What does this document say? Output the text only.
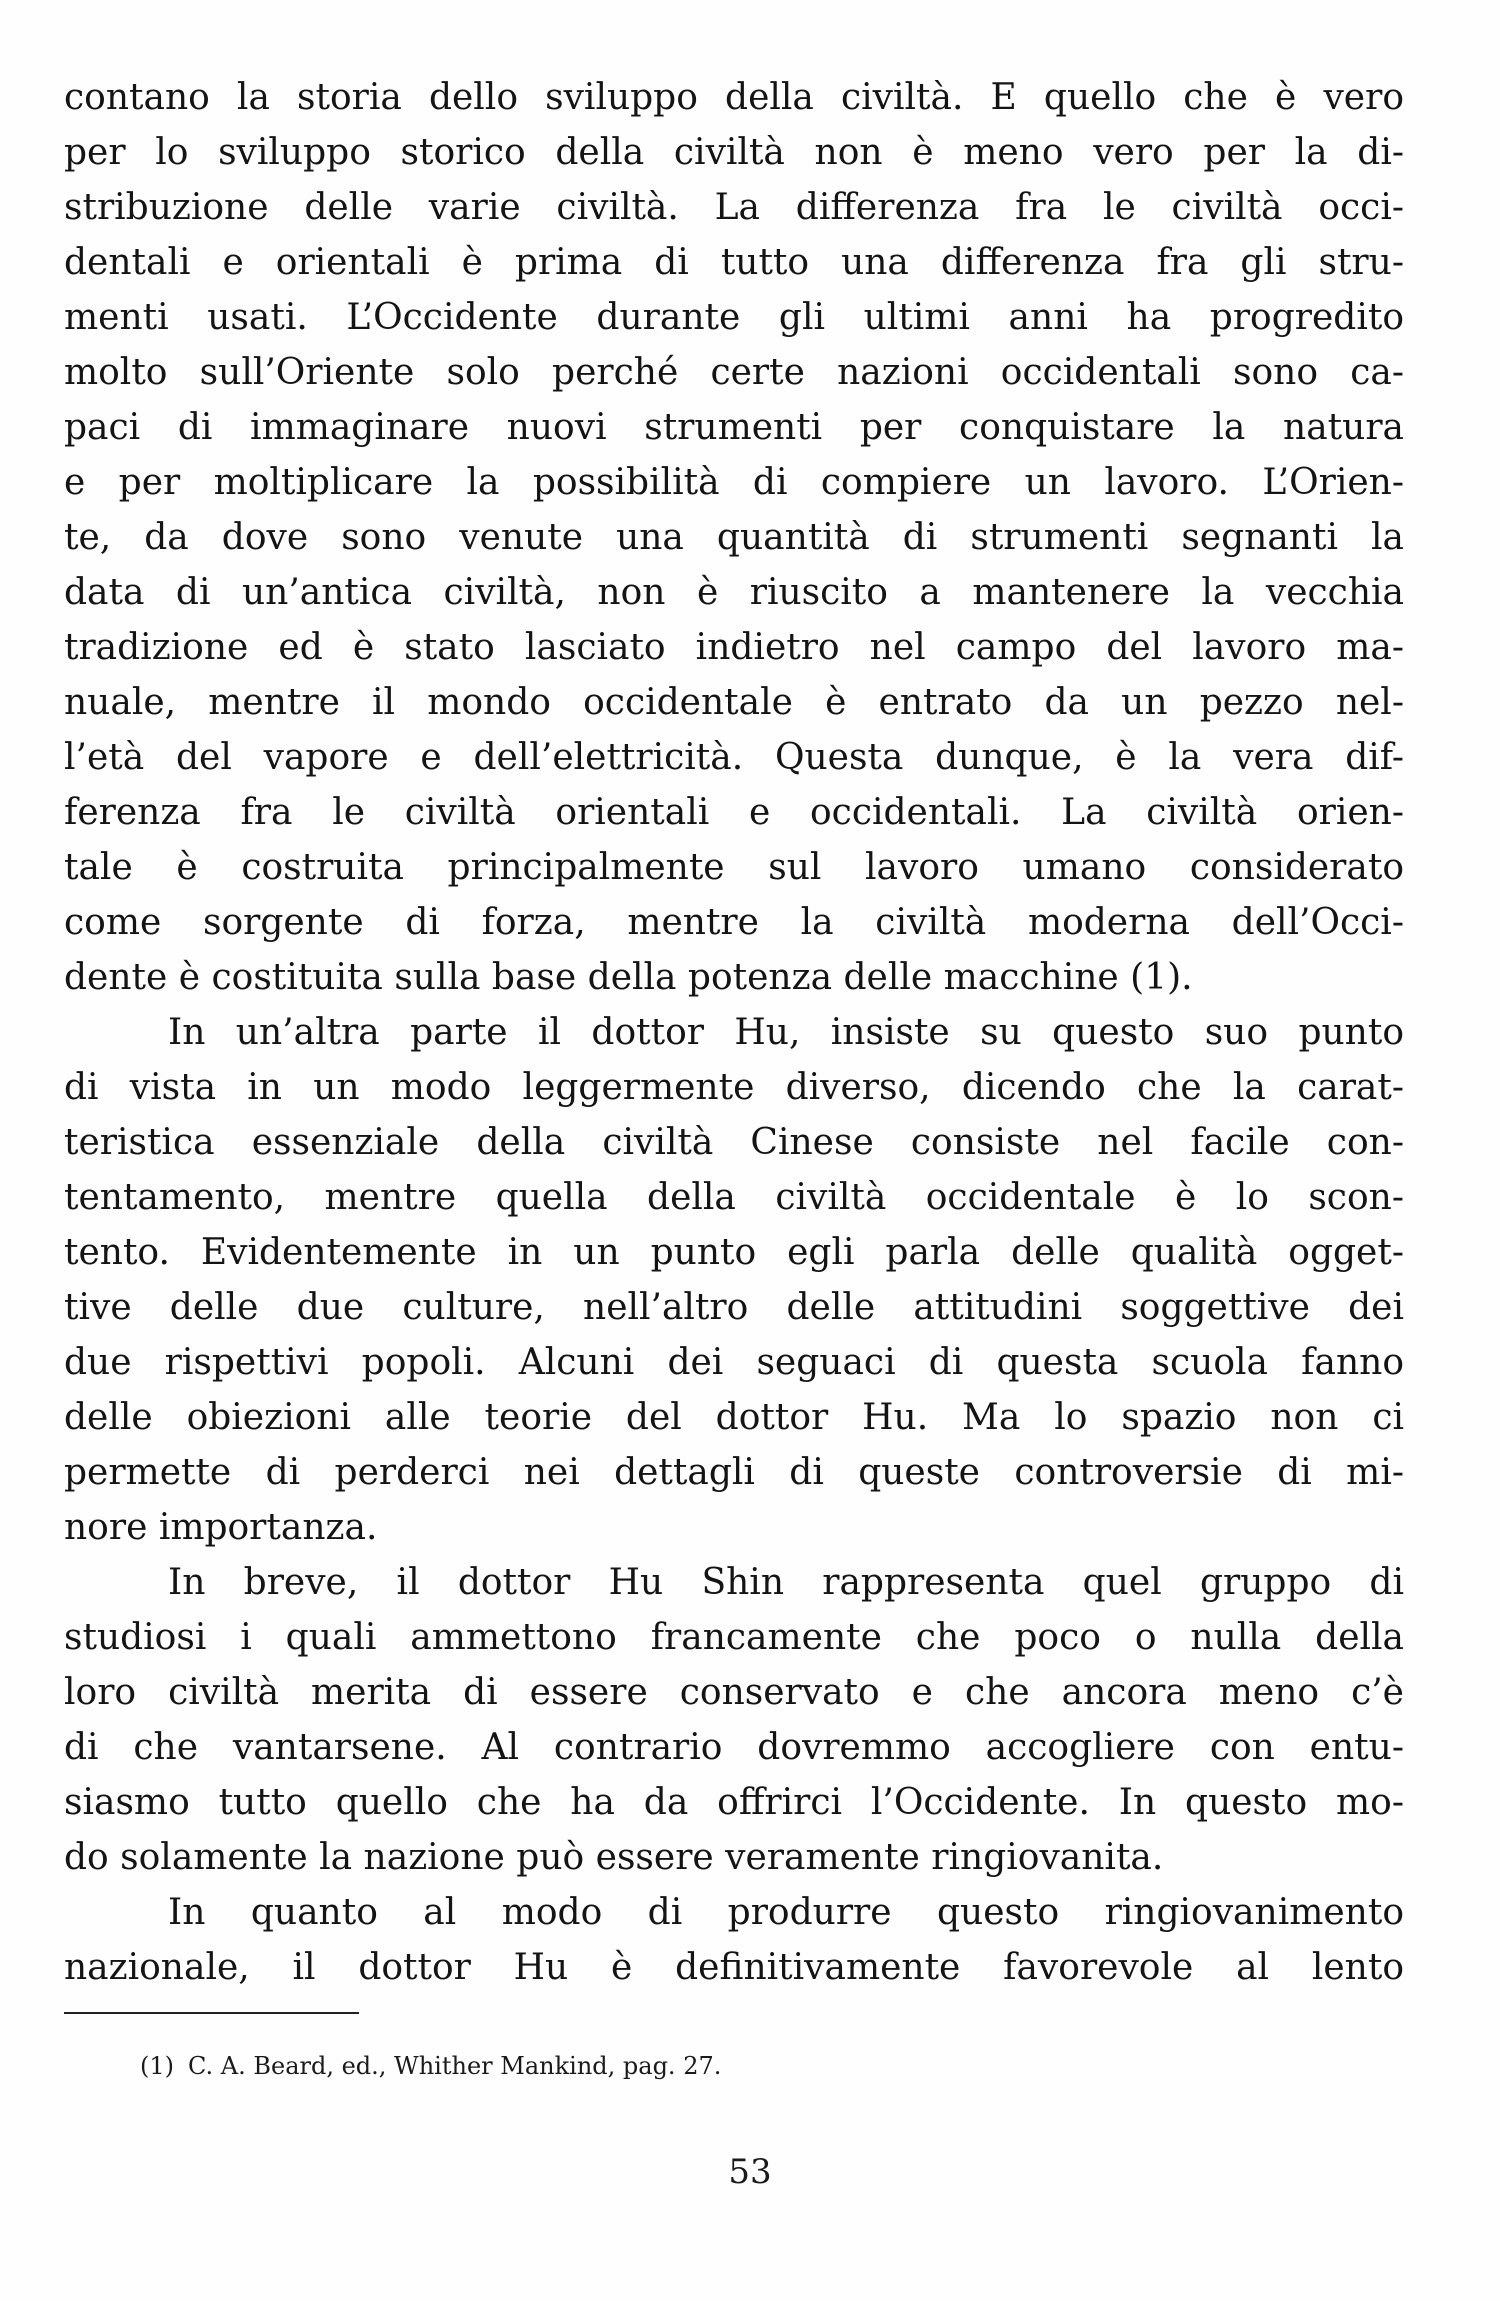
contano la storia dello sviluppo della civiltà. E quello che è vero
per lo sviluppo storico della civiltà non è meno vero per la di-
stribuzione delle varie civiltà. La differenza fra le civiltà occi-
dentali e orientali è prima di tutto una differenza fra gli stru-
menti usati. L’Occidente durante gli ultimi anni ha progredito
molto sull’Oriente solo perché certe nazioni occidentali sono ca-
paci di immaginare nuovi strumenti per conquistare la natura
e per moltiplicare la possibilità di compiere un lavoro. L’Orien-
te, da dove sono venute una quantità di strumenti segnanti la
data di un’antica civiltà, non è riuscito a mantenere la vecchia
tradizione ed è stato lasciato indietro nel campo del lavoro ma-
nuale, mentre il mondo occidentale è entrato da un pezzo nel-
l’età del vapore e dell’elettricità. Questa dunque, è la vera dif-
ferenza fra le civiltà orientali e occidentali. La civiltà orien-
tale è costruita principalmente sul lavoro umano considerato
come sorgente di forza, mentre la civiltà moderna dell’Occi-
dente è costituita sulla base della potenza delle macchine (1).
In un’altra parte il dottor Hu, insiste su questo suo punto
di vista in un modo leggermente diverso, dicendo che la carat-
teristica essenziale della civiltà Cinese consiste nel facile con-
tentamento, mentre quella della civiltà occidentale è lo scon-
tento. Evidentemente in un punto egli parla delle qualità ogget-
tive delle due culture, nell’altro delle attitudini soggettive dei
due rispettivi popoli. Alcuni dei seguaci di questa scuola fanno
delle obiezioni alle teorie del dottor Hu. Ma lo spazio non ci
permette di perderci nei dettagli di queste controversie di mi-
nore importanza.
In breve, il dottor Hu Shin rappresenta quel gruppo di
studiosi i quali ammettono francamente che poco o nulla della
loro civiltà merita di essere conservato e che ancora meno c’è
di che vantarsene. Al contrario dovremmo accogliere con entu-
siasmo tutto quello che ha da offrirci l’Occidente. In questo mo-
do solamente la nazione può essere veramente ringiovanita.
In quanto al modo di produrre questo ringiovanimento
nazionale, il dottor Hu è definitivamente favorevole al lento
(1) C. A. Beard, ed., Whither Mankind, pag. 27.
53
